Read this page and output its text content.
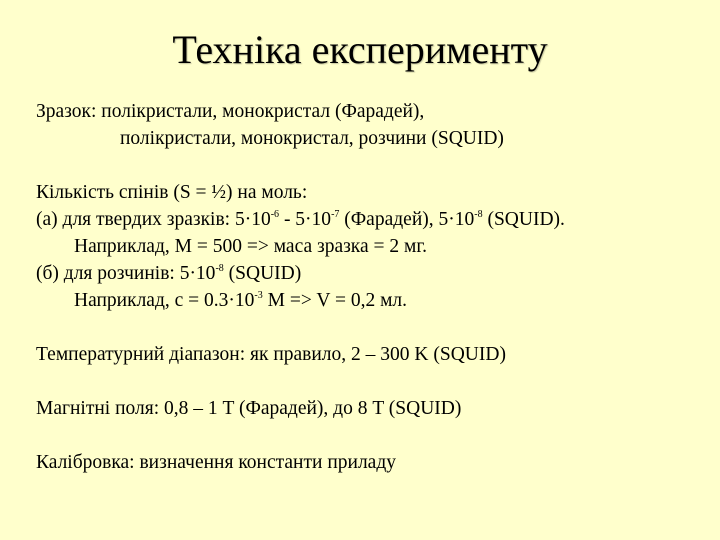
Техніка експерименту
Зразок: полікристали, монокристал (Фарадей),
полікристали, монокристал, розчини (SQUID)
Кількість спінів (S = ½) на моль:
(а) для твердих зразків: $5\cdot 10^{-6} - 5\cdot 10^{-7}$ (Фарадей), $5\cdot 10^{-8}$ (SQUID).
Наприклад, M = 500 => маса зразка = 2 мг.
(б) для розчинів: $5\cdot 10^{-8}$ (SQUID)
Наприклад, $c = 0.3\cdot 10^{-3}$ M => V = 0,2 мл.
Температурний діапазон: як правило, 2 – 300 K (SQUID)
Магнітні поля: 0,8 – 1 T (Фарадей), до 8 T (SQUID)
Калібровка: визначення константи приладу
